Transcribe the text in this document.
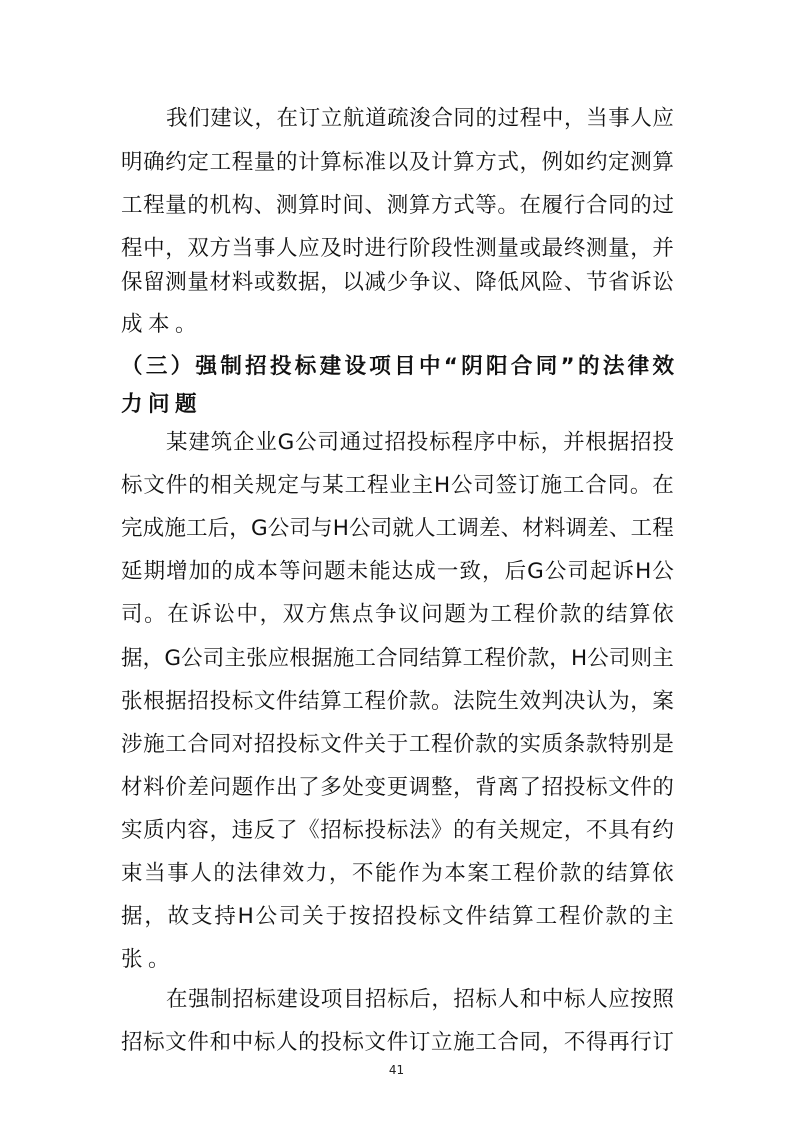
我 们 建 议 ， 在 订 立 航 道 疏 浚 合 同 的 过 程 中 ， 当 事 人 应
明 确 约 定 工 程 量 的 计 算 标 准 以 及 计 算 方 式 ， 例 如 约 定 测 算
工 程 量 的 机 构 、 测 算 时 间 、 测 算 方 式 等 。 在 履 行 合 同 的 过
程 中 ， 双 方 当 事 人 应 及 时 进 行 阶 段 性 测 量 或 最 终 测 量 ， 并
保 留 测 量 材 料 或 数 据 ， 以 减 少 争 议 、 降 低 风 险 、 节 省 诉 讼
成 本 。
（ 三 ） 强 制 招 投 标 建 设 项 目 中 “ 阴 阳 合 同 ” 的 法 律 效
力 问 题
某 建 筑 企 业 G 公 司 通 过 招 投 标 程 序 中 标 ， 并 根 据 招 投
标 文 件 的 相 关 规 定 与 某 工 程 业 主 H 公 司 签 订 施 工 合 同 。 在
完 成 施 工 后 ， G 公 司 与 H 公 司 就 人 工 调 差 、 材 料 调 差 、 工 程
延 期 增 加 的 成 本 等 问 题 未 能 达 成 一 致 ， 后 G 公 司 起 诉 H 公
司 。 在 诉 讼 中 ， 双 方 焦 点 争 议 问 题 为 工 程 价 款 的 结 算 依
据 ， G 公 司 主 张 应 根 据 施 工 合 同 结 算 工 程 价 款 ， H 公 司 则 主
张 根 据 招 投 标 文 件 结 算 工 程 价 款 。 法 院 生 效 判 决 认 为 ， 案
涉 施 工 合 同 对 招 投 标 文 件 关 于 工 程 价 款 的 实 质 条 款 特 别 是
材 料 价 差 问 题 作 出 了 多 处 变 更 调 整 ， 背 离 了 招 投 标 文 件 的
实 质 内 容 ， 违 反 了 《 招 标 投 标 法 》 的 有 关 规 定 ， 不 具 有 约
束 当 事 人 的 法 律 效 力 ， 不 能 作 为 本 案 工 程 价 款 的 结 算 依
据 ， 故 支 持 H 公 司 关 于 按 招 投 标 文 件 结 算 工 程 价 款 的 主
张 。
在 强 制 招 标 建 设 项 目 招 标 后 ， 招 标 人 和 中 标 人 应 按 照
招 标 文 件 和 中 标 人 的 投 标 文 件 订 立 施 工 合 同 ， 不 得 再 行 订
41
